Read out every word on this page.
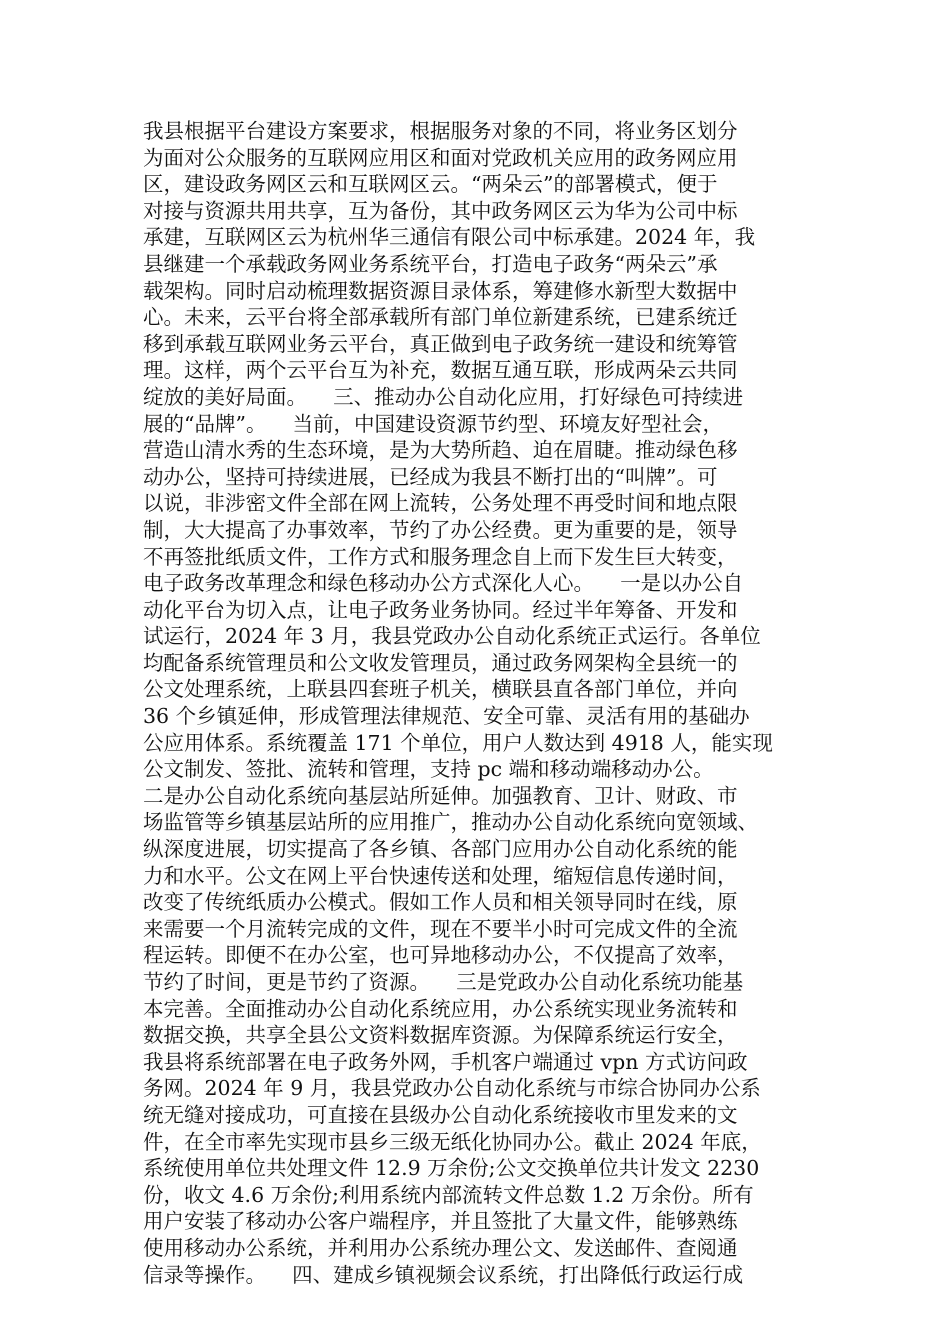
我县根据平台建设方案要求，根据服务对象的不同，将业务区划分
为面对公众服务的互联网应用区和面对党政机关应用的政务网应用
区，建设政务网区云和互联网区云。“两朵云”的部署模式，便于
对接与资源共用共享，互为备份，其中政务网区云为华为公司中标
承建，互联网区云为杭州华三通信有限公司中标承建。2024 年，我
县继建一个承载政务网业务系统平台，打造电子政务“两朵云”承
载架构。同时启动梳理数据资源目录体系，筹建修水新型大数据中
心。未来，云平台将全部承载所有部门单位新建系统，已建系统迁
移到承载互联网业务云平台，真正做到电子政务统一建设和统筹管
理。这样，两个云平台互为补充，数据互通互联，形成两朵云共同
绽放的美好局面。    三、推动办公自动化应用，打好绿色可持续进
展的“品牌”。    当前，中国建设资源节约型、环境友好型社会，
营造山清水秀的生态环境，是为大势所趋、迫在眉睫。推动绿色移
动办公，坚持可持续进展，已经成为我县不断打出的“叫牌”。可
以说，非涉密文件全部在网上流转，公务处理不再受时间和地点限
制，大大提高了办事效率，节约了办公经费。更为重要的是，领导
不再签批纸质文件，工作方式和服务理念自上而下发生巨大转变，
电子政务改革理念和绿色移动办公方式深化人心。    一是以办公自
动化平台为切入点，让电子政务业务协同。经过半年筹备、开发和
试运行，2024 年 3 月，我县党政办公自动化系统正式运行。各单位
均配备系统管理员和公文收发管理员，通过政务网架构全县统一的
公文处理系统，上联县四套班子机关，横联县直各部门单位，并向
36 个乡镇延伸，形成管理法律规范、安全可靠、灵活有用的基础办
公应用体系。系统覆盖 171 个单位，用户人数达到 4918 人，能实现
公文制发、签批、流转和管理，支持 pc 端和移动端移动办公。
二是办公自动化系统向基层站所延伸。加强教育、卫计、财政、市
场监管等乡镇基层站所的应用推广，推动办公自动化系统向宽领域、
纵深度进展，切实提高了各乡镇、各部门应用办公自动化系统的能
力和水平。公文在网上平台快速传送和处理，缩短信息传递时间，
改变了传统纸质办公模式。假如工作人员和相关领导同时在线，原
来需要一个月流转完成的文件，现在不要半小时可完成文件的全流
程运转。即便不在办公室，也可异地移动办公，不仅提高了效率，
节约了时间，更是节约了资源。    三是党政办公自动化系统功能基
本完善。全面推动办公自动化系统应用，办公系统实现业务流转和
数据交换，共享全县公文资料数据库资源。为保障系统运行安全，
我县将系统部署在电子政务外网，手机客户端通过 vpn 方式访问政
务网。2024 年 9 月，我县党政办公自动化系统与市综合协同办公系
统无缝对接成功，可直接在县级办公自动化系统接收市里发来的文
件，在全市率先实现市县乡三级无纸化协同办公。截止 2024 年底，
系统使用单位共处理文件 12.9 万余份;公文交换单位共计发文 2230
份，收文 4.6 万余份;利用系统内部流转文件总数 1.2 万余份。所有
用户安装了移动办公客户端程序，并且签批了大量文件，能够熟练
使用移动办公系统，并利用办公系统办理公文、发送邮件、查阅通
信录等操作。    四、建成乡镇视频会议系统，打出降低行政运行成
